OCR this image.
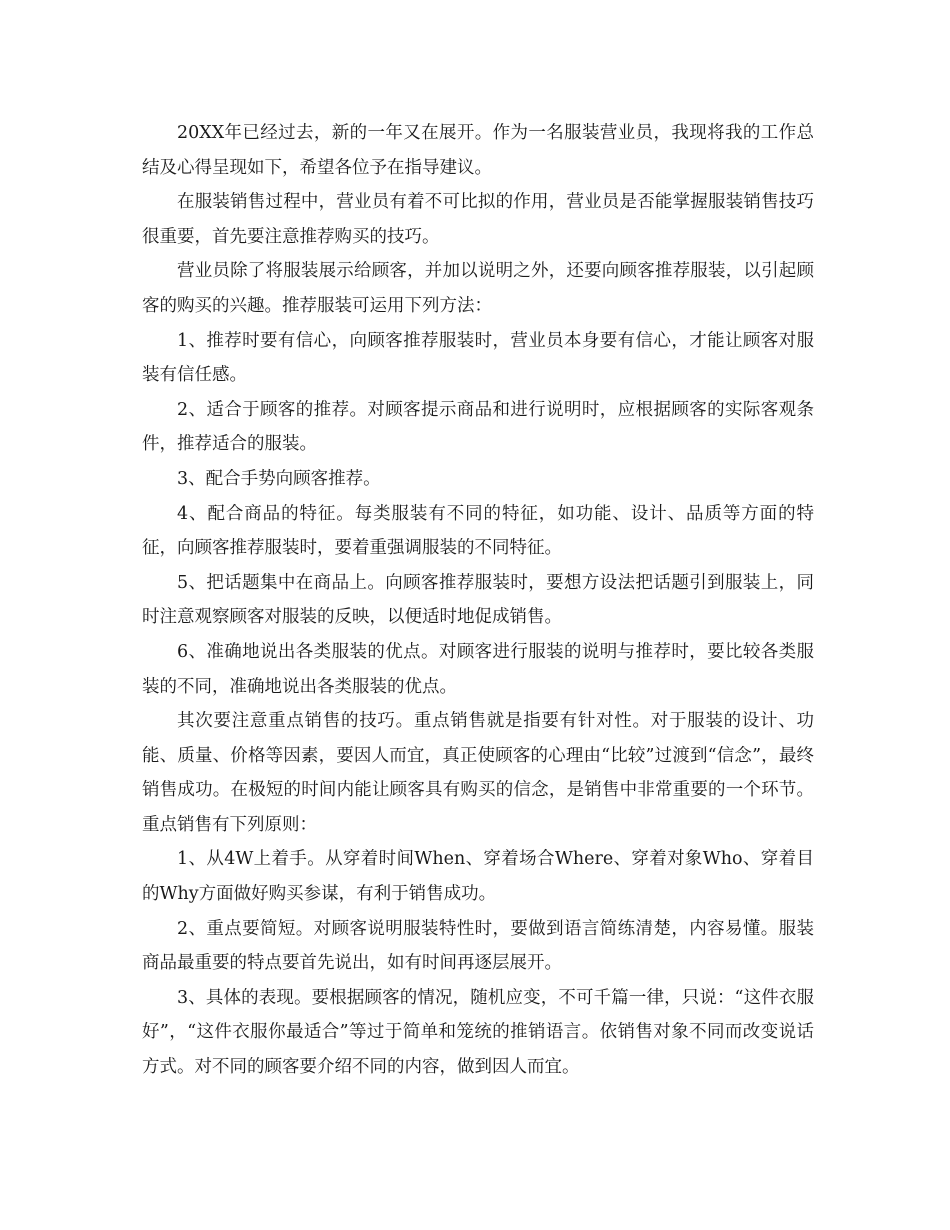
20XX年已经过去，新的一年又在展开。作为一名服装营业员，我现将我的工作总结及心得呈现如下，希望各位予在指导建议。

在服装销售过程中，营业员有着不可比拟的作用，营业员是否能掌握服装销售技巧很重要，首先要注意推荐购买的技巧。

营业员除了将服装展示给顾客，并加以说明之外，还要向顾客推荐服装，以引起顾客的购买的兴趣。推荐服装可运用下列方法：

1、推荐时要有信心，向顾客推荐服装时，营业员本身要有信心，才能让顾客对服装有信任感。

2、适合于顾客的推荐。对顾客提示商品和进行说明时，应根据顾客的实际客观条件，推荐适合的服装。

3、配合手势向顾客推荐。

4、配合商品的特征。每类服装有不同的特征，如功能、设计、品质等方面的特征，向顾客推荐服装时，要着重强调服装的不同特征。

5、把话题集中在商品上。向顾客推荐服装时，要想方设法把话题引到服装上，同时注意观察顾客对服装的反映，以便适时地促成销售。

6、准确地说出各类服装的优点。对顾客进行服装的说明与推荐时，要比较各类服装的不同，准确地说出各类服装的优点。

其次要注意重点销售的技巧。重点销售就是指要有针对性。对于服装的设计、功能、质量、价格等因素，要因人而宜，真正使顾客的心理由“比较”过渡到“信念”，最终销售成功。在极短的时间内能让顾客具有购买的信念，是销售中非常重要的一个环节。重点销售有下列原则：

1、从4W上着手。从穿着时间When、穿着场合Where、穿着对象Who、穿着目的Why方面做好购买参谋，有利于销售成功。

2、重点要简短。对顾客说明服装特性时，要做到语言简练清楚，内容易懂。服装商品最重要的特点要首先说出，如有时间再逐层展开。

3、具体的表现。要根据顾客的情况，随机应变，不可千篇一律，只说：“这件衣服好”，“这件衣服你最适合”等过于简单和笼统的推销语言。依销售对象不同而改变说话方式。对不同的顾客要介绍不同的内容，做到因人而宜。
